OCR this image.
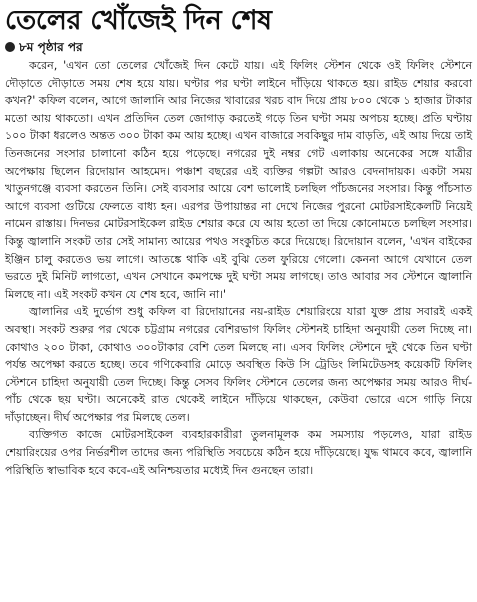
তেলের খোঁজেই দিন শেষ
৮ম পৃষ্ঠার পর

করেন, 'এখন তো তেলের খোঁজেই দিন কেটে যায়। এই ফিলিং স্টেশন থেকে ওই ফিলিং স্টেশনে দৌড়াতে দৌড়াতে সময় শেষ হয়ে যায়। ঘণ্টার পর ঘণ্টা লাইনে দাঁড়িয়ে থাকতে হয়। রাইড শেয়ার করবো কখন?' কফিল বলেন, আগে জালানি আর নিজের খাবারের খরচ বাদ দিয়ে প্রায় ৮০০ থেকে ১ হাজার টাকার মতো আয় থাকতো। এখন প্রতিদিন তেল জোগাড় করতেই গড়ে তিন ঘণ্টা সময় অপচয় হচ্ছে। প্রতি ঘণ্টায় ১০০ টাকা ধরলেও অন্তত ৩০০ টাকা কম আয় হচ্ছে। এখন বাজারে সবকিছুর দাম বাড়তি, এই আয় দিয়ে তাই তিনজনের সংসার চালানো কঠিন হয়ে পড়েছে। নগরের দুই নম্বর গেট এলাকায় অনেকের সঙ্গে যাত্রীর অপেক্ষায় ছিলেন রিদোয়ান আহমেদ। পঞ্চাশ বছরের এই ব্যক্তির গল্পটা আরও বেদনাদায়ক। একটা সময় খাতুনগঞ্জে ব্যবসা করতেন তিনি। সেই ব্যবসার আয়ে বেশ ভালোই চলছিল পাঁচজনের সংসার। কিন্তু পাঁচসাত আগে ব্যবসা গুটিয়ে ফেলতে বাধ্য হন। এরপর উপায়ান্তর না দেখে নিজের পুরনো মোটরসাইকেলটি নিয়েই নামেন রাস্তায়। দিনভর মোটরসাইকেল রাইড শেয়ার করে যে আয় হতো তা দিয়ে কোনোমতে চলছিল সংসার। কিন্তু জ্বালানি সংকট তার সেই সামান্য আয়ের পথও সংকুচিত করে দিয়েছে। রিদোয়ান বলেন, 'এখন বাইকের ইঞ্জিন চালু করতেও ভয় লাগে। আতঙ্কে থাকি এই বুঝি তেল ফুরিয়ে গেলো। কেননা আগে যেখানে তেল ভরতে দুই মিনিট লাগতো, এখন সেখানে কমপক্ষে দুই ঘণ্টা সময় লাগছে। তাও আবার সব স্টেশনে জ্বালানি মিলছে না। এই সংকট কখন যে শেষ হবে, জানি না।'

জ্বালানির এই দুর্ভোগ শুধু কফিল বা রিদোয়ানের নয়-রাইড শেয়ারিংয়ে যারা যুক্ত প্রায় সবারই একই অবস্থা। সংকট শুরুর পর থেকে চট্টগ্রাম নগরের বেশিরভাগ ফিলিং স্টেশনই চাহিদা অনুযায়ী তেল দিচ্ছে না। কোথাও ২০০ টাকা, কোথাও ৩০০টাকার বেশি তেল মিলছে না। এসব ফিলিং স্টেশনে দুই থেকে তিন ঘণ্টা পর্যন্ত অপেক্ষা করতে হচ্ছে। তবে গণিকেবারি মোড়ে অবস্থিত কিউ সি ট্রেডিং লিমিটেডসহ কয়েকটি ফিলিং স্টেশনে চাহিদা অনুযায়ী তেল দিচ্ছে। কিন্তু সেসব ফিলিং স্টেশনে তেলের জন্য অপেক্ষার সময় আরও দীর্ঘ-পাঁচ থেকে ছয় ঘণ্টা। অনেকেই রাত থেকেই লাইনে দাঁড়িয়ে থাকছেন, কেউবা ভোরে এসে গাড়ি নিয়ে দাঁড়াচ্ছেন। দীর্ঘ অপেক্ষার পর মিলছে তেল।

ব্যক্তিগত কাজে মোটরসাইকেল ব্যবহারকারীরা তুলনামূলক কম সমস্যায় পড়লেও, যারা রাইড শেয়ারিংয়ের ওপর নির্ভরশীল তাদের জন্য পরিস্থিতি সবচেয়ে কঠিন হয়ে দাঁড়িয়েছে। যুদ্ধ থামবে কবে, জ্বালানি পরিস্থিতি স্বাভাবিক হবে কবে-এই অনিশ্চয়তার মধ্যেই দিন গুনছেন তারা।
